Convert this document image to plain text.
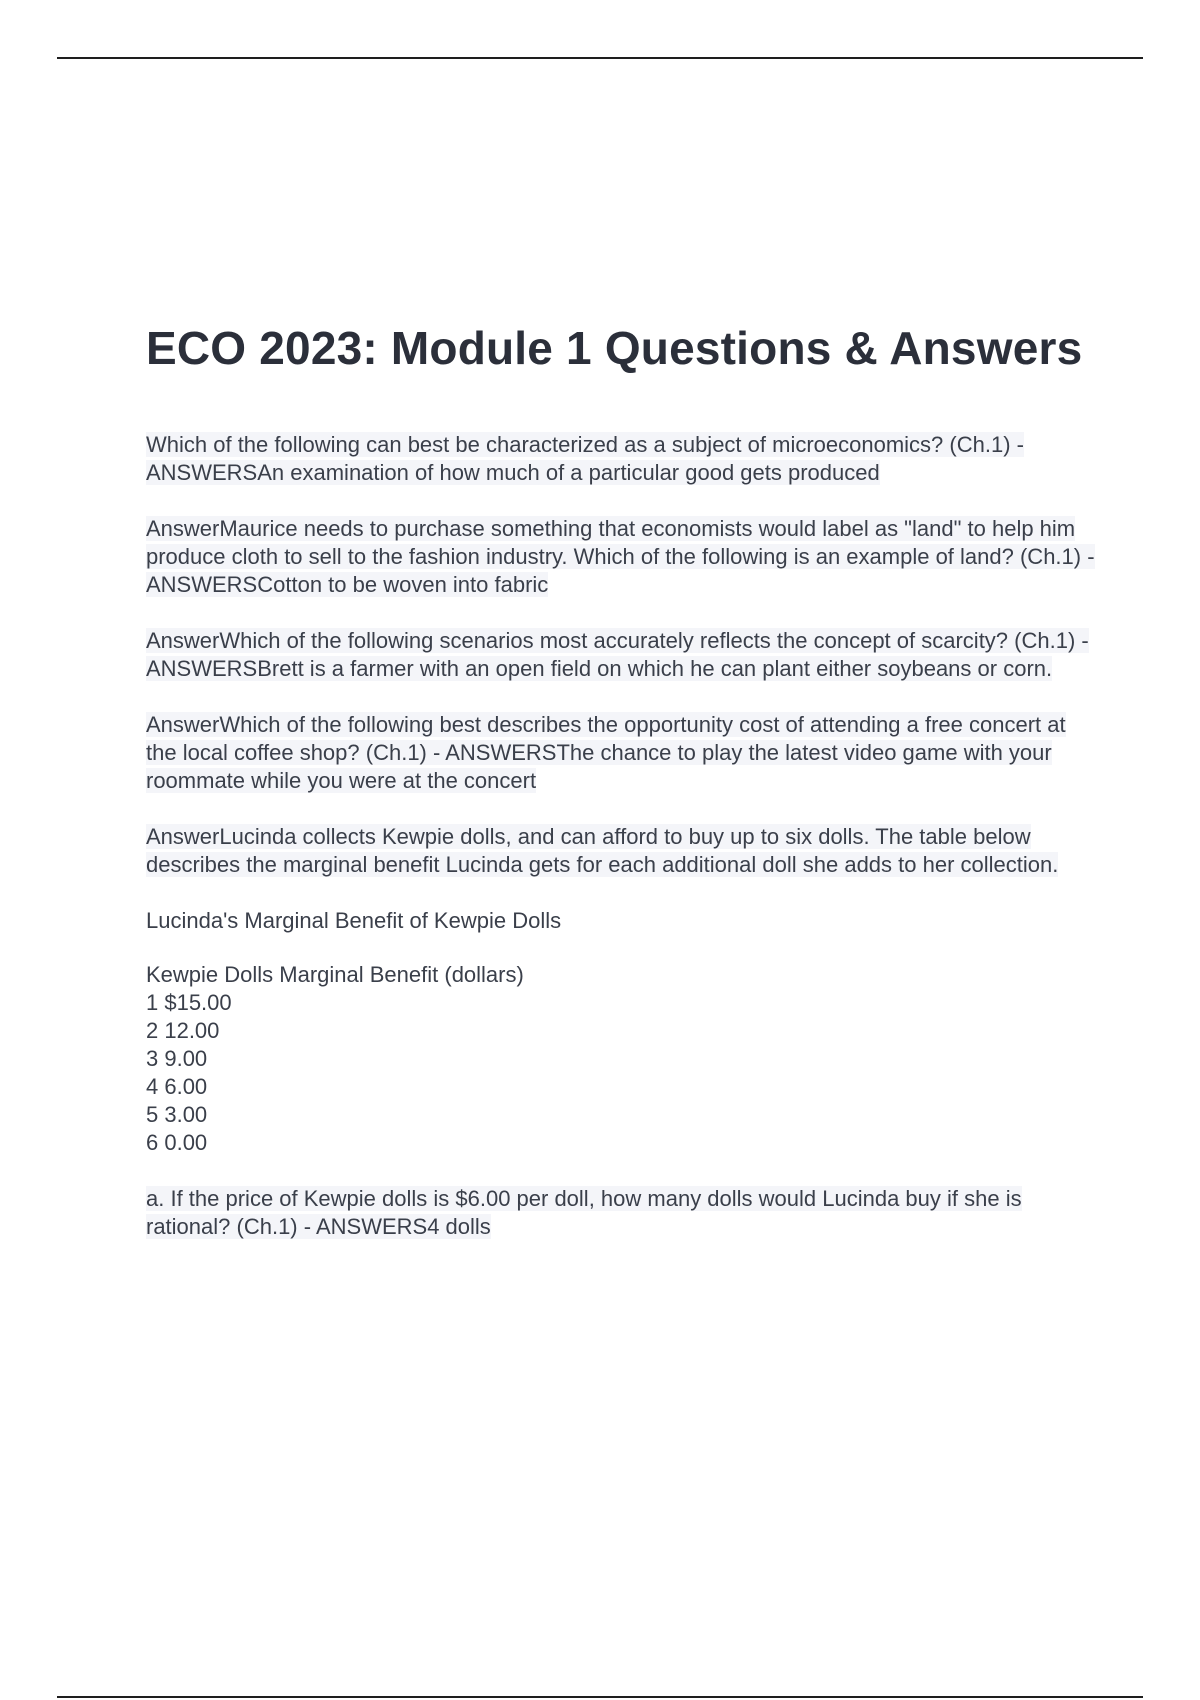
ECO 2023: Module 1 Questions & Answers

Which of the following can best be characterized as a subject of microeconomics? (Ch.1) - ANSWERSAn examination of how much of a particular good gets produced

AnswerMaurice needs to purchase something that economists would label as "land" to help him produce cloth to sell to the fashion industry. Which of the following is an example of land? (Ch.1) - ANSWERSCotton to be woven into fabric

AnswerWhich of the following scenarios most accurately reflects the concept of scarcity? (Ch.1) - ANSWERSBrett is a farmer with an open field on which he can plant either soybeans or corn.

AnswerWhich of the following best describes the opportunity cost of attending a free concert at the local coffee shop? (Ch.1) - ANSWERSThe chance to play the latest video game with your roommate while you were at the concert

AnswerLucinda collects Kewpie dolls, and can afford to buy up to six dolls. The table below describes the marginal benefit Lucinda gets for each additional doll she adds to her collection.

Lucinda's Marginal Benefit of Kewpie Dolls

Kewpie Dolls Marginal Benefit (dollars)
1 $15.00
2 12.00
3 9.00
4 6.00
5 3.00
6 0.00

a. If the price of Kewpie dolls is $6.00 per doll, how many dolls would Lucinda buy if she is rational? (Ch.1) - ANSWERS4 dolls
